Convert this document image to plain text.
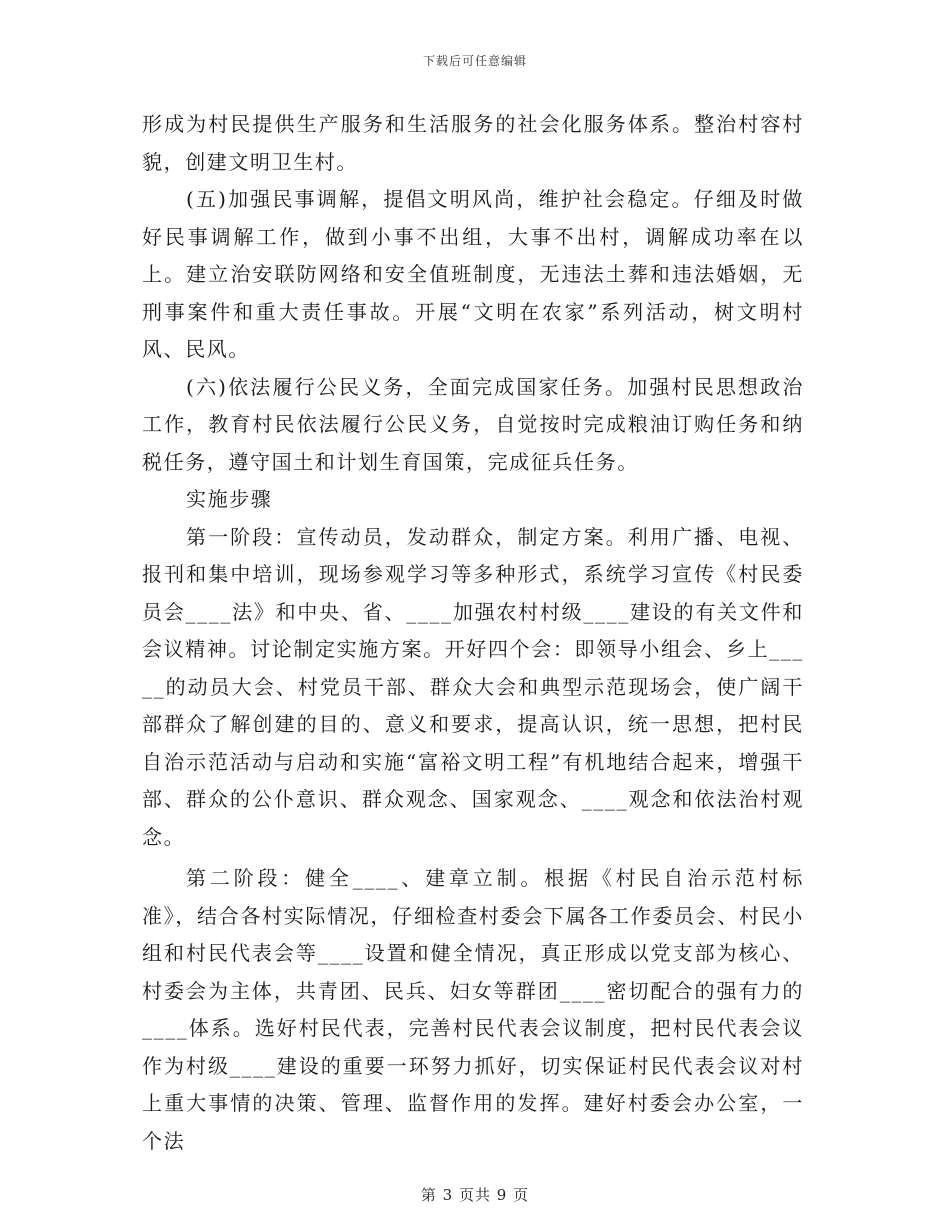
下载后可任意编辑

形成为村民提供生产服务和生活服务的社会化服务体系。整治村容村貌，创建文明卫生村。

(五)加强民事调解，提倡文明风尚，维护社会稳定。仔细及时做好民事调解工作，做到小事不出组，大事不出村，调解成功率在以上。建立治安联防网络和安全值班制度，无违法土葬和违法婚姻，无刑事案件和重大责任事故。开展“文明在农家”系列活动，树文明村风、民风。

(六)依法履行公民义务，全面完成国家任务。加强村民思想政治工作，教育村民依法履行公民义务，自觉按时完成粮油订购任务和纳税任务，遵守国土和计划生育国策，完成征兵任务。

实施步骤

第一阶段：宣传动员，发动群众，制定方案。利用广播、电视、报刊和集中培训，现场参观学习等多种形式，系统学习宣传《村民委员会____法》和中央、省、____加强农村村级____建设的有关文件和会议精神。讨论制定实施方案。开好四个会：即领导小组会、乡上_____的动员大会、村党员干部、群众大会和典型示范现场会，使广阔干部群众了解创建的目的、意义和要求，提高认识，统一思想，把村民自治示范活动与启动和实施“富裕文明工程”有机地结合起来，增强干部、群众的公仆意识、群众观念、国家观念、____观念和依法治村观念。

第二阶段：健全____、建章立制。根据《村民自治示范村标准》，结合各村实际情况，仔细检查村委会下属各工作委员会、村民小组和村民代表会等____设置和健全情况，真正形成以党支部为核心、村委会为主体，共青团、民兵、妇女等群团____密切配合的强有力的____体系。选好村民代表，完善村民代表会议制度，把村民代表会议作为村级____建设的重要一环努力抓好，切实保证村民代表会议对村上重大事情的决策、管理、监督作用的发挥。建好村委会办公室，一个法

第 3 页共 9 页
